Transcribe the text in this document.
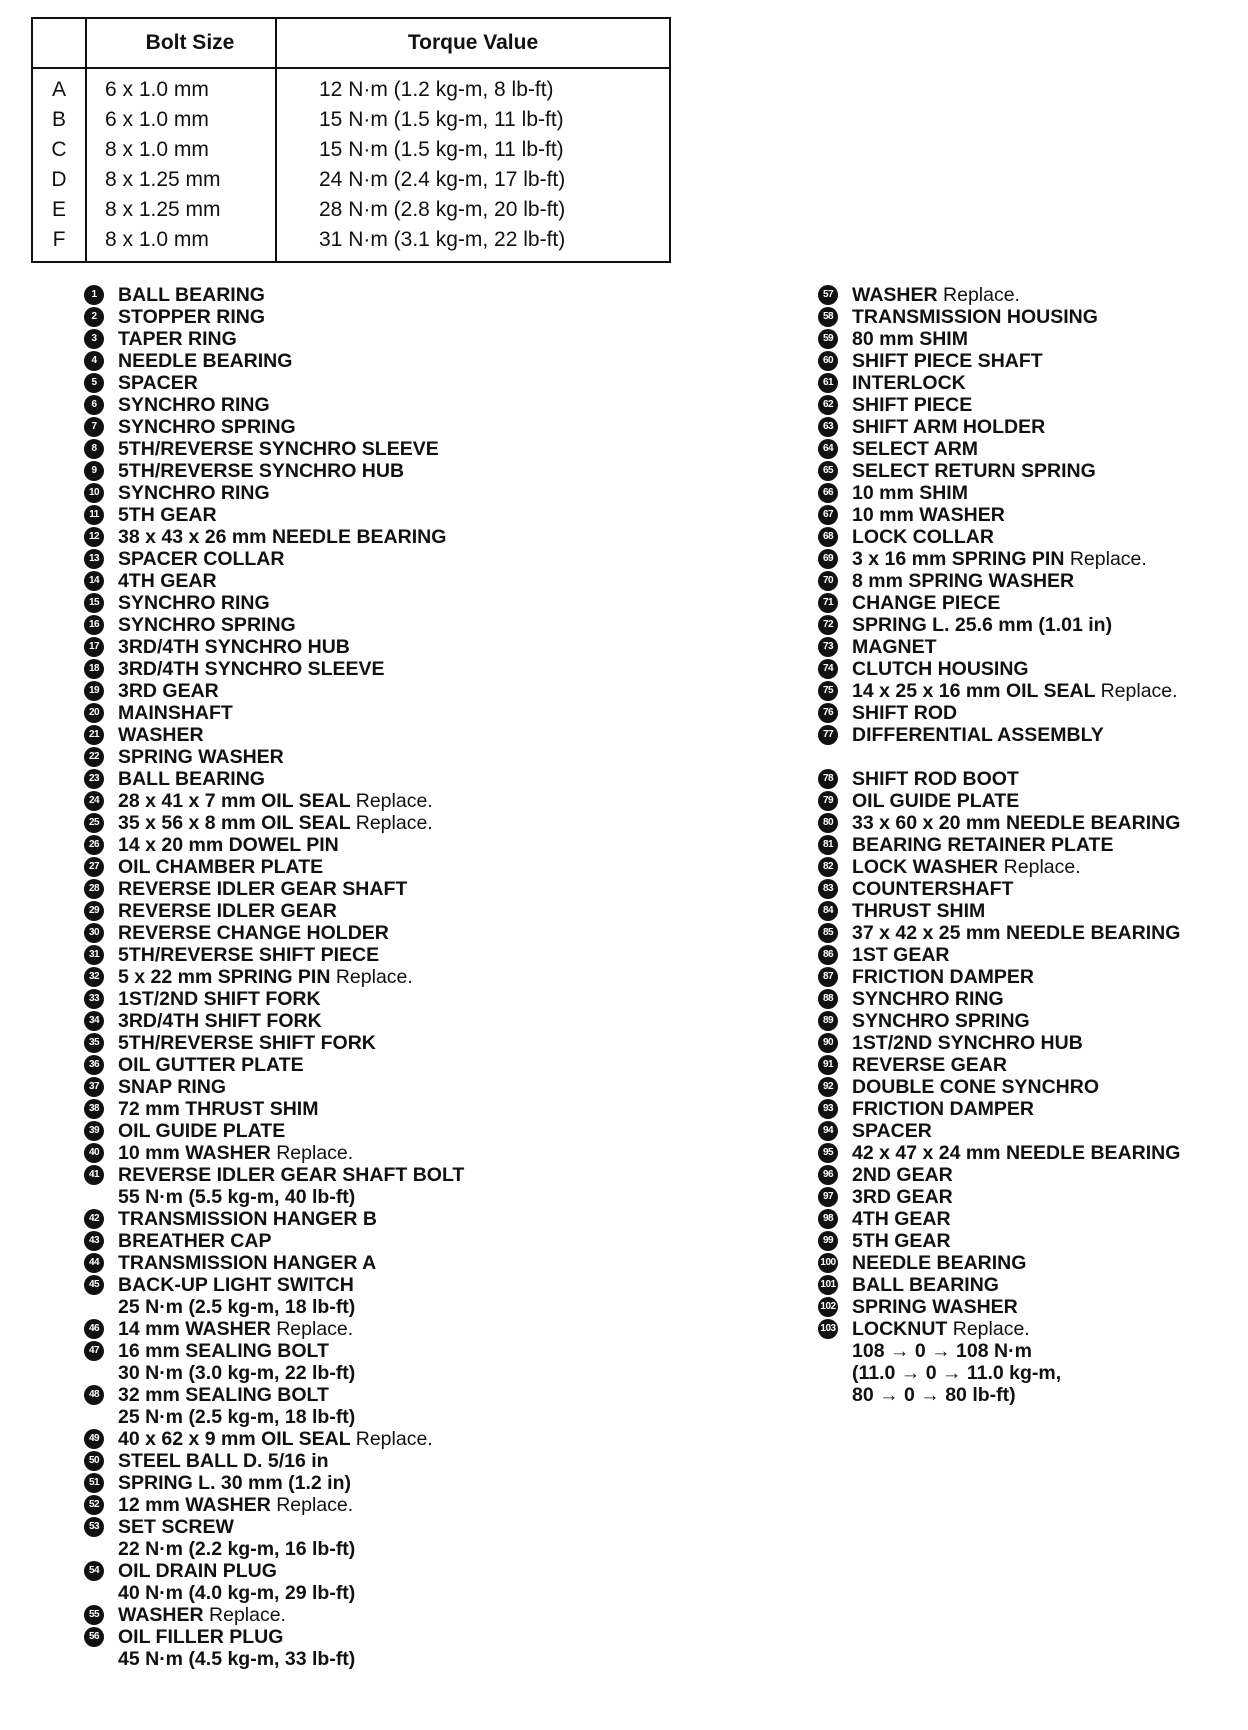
	Bolt Size	Torque Value
A	6 x 1.0 mm	12 N·m (1.2 kg-m, 8 lb-ft)
B	6 x 1.0 mm	15 N·m (1.5 kg-m, 11 lb-ft)
C	8 x 1.0 mm	15 N·m (1.5 kg-m, 11 lb-ft)
D	8 x 1.25 mm	24 N·m (2.4 kg-m, 17 lb-ft)
E	8 x 1.25 mm	28 N·m (2.8 kg-m, 20 lb-ft)
F	8 x 1.0 mm	31 N·m (3.1 kg-m, 22 lb-ft)
1	BALL BEARING
2	STOPPER RING
3	TAPER RING
4	NEEDLE BEARING
5	SPACER
6	SYNCHRO RING
7	SYNCHRO SPRING
8	5TH/REVERSE SYNCHRO SLEEVE
9	5TH/REVERSE SYNCHRO HUB
10 SYNCHRO RING
11 5TH GEAR
12 38 x 43 x 26 mm NEEDLE BEARING
13 SPACER COLLAR
14 4TH GEAR
15 SYNCHRO RING
16 SYNCHRO SPRING
17 3RD/4TH SYNCHRO HUB
18 3RD/4TH SYNCHRO SLEEVE
19 3RD GEAR
20 MAINSHAFT
21 WASHER
22 SPRING WASHER
23 BALL BEARING
24 28 x 41 x 7 mm OIL SEAL Replace.
25 35 x 56 x 8 mm OIL SEAL Replace.
26 14 x 20 mm DOWEL PIN
27 OIL CHAMBER PLATE
28 REVERSE IDLER GEAR SHAFT
29 REVERSE IDLER GEAR
30 REVERSE CHANGE HOLDER
31 5TH/REVERSE SHIFT PIECE
32 5 x 22 mm SPRING PIN Replace.
33 1ST/2ND SHIFT FORK
34 3RD/4TH SHIFT FORK
35 5TH/REVERSE SHIFT FORK
36 OIL GUTTER PLATE
37 SNAP RING
38 72 mm THRUST SHIM
39 OIL GUIDE PLATE
40 10 mm WASHER Replace.
41 REVERSE IDLER GEAR SHAFT BOLT
55 N·m (5.5 kg-m, 40 lb-ft)
42 TRANSMISSION HANGER B
43 BREATHER CAP
44 TRANSMISSION HANGER A
45 BACK-UP LIGHT SWITCH
25 N·m (2.5 kg-m, 18 lb-ft)
46 14 mm WASHER Replace.
47 16 mm SEALING BOLT
30 N·m (3.0 kg-m, 22 lb-ft)
48 32 mm SEALING BOLT
25 N·m (2.5 kg-m, 18 lb-ft)
49 40 x 62 x 9 mm OIL SEAL Replace.
50 STEEL BALL D. 5/16 in
51 SPRING L. 30 mm (1.2 in)
52 12 mm WASHER Replace.
53 SET SCREW
22 N·m (2.2 kg-m, 16 lb-ft)
54 OIL DRAIN PLUG
40 N·m (4.0 kg-m, 29 lb-ft)
55 WASHER Replace.
56 OIL FILLER PLUG
45 N·m (4.5 kg-m, 33 lb-ft)
57 WASHER Replace.
58 TRANSMISSION HOUSING
59 80 mm SHIM
60 SHIFT PIECE SHAFT
61 INTERLOCK
62 SHIFT PIECE
63 SHIFT ARM HOLDER
64 SELECT ARM
65 SELECT RETURN SPRING
66 10 mm SHIM
67 10 mm WASHER
68 LOCK COLLAR
69 3 x 16 mm SPRING PIN Replace.
70 8 mm SPRING WASHER
71 CHANGE PIECE
72 SPRING L. 25.6 mm (1.01 in)
73 MAGNET
74 CLUTCH HOUSING
75 14 x 25 x 16 mm OIL SEAL Replace.
76 SHIFT ROD
77 DIFFERENTIAL ASSEMBLY
78 SHIFT ROD BOOT
79 OIL GUIDE PLATE
80 33 x 60 x 20 mm NEEDLE BEARING
81 BEARING RETAINER PLATE
82 LOCK WASHER Replace.
83 COUNTERSHAFT
84 THRUST SHIM
85 37 x 42 x 25 mm NEEDLE BEARING
86 1ST GEAR
87 FRICTION DAMPER
88 SYNCHRO RING
89 SYNCHRO SPRING
90 1ST/2ND SYNCHRO HUB
91 REVERSE GEAR
92 DOUBLE CONE SYNCHRO
93 FRICTION DAMPER
94 SPACER
95 42 x 47 x 24 mm NEEDLE BEARING
96 2ND GEAR
97 3RD GEAR
98 4TH GEAR
99 5TH GEAR
100 NEEDLE BEARING
101 BALL BEARING
102 SPRING WASHER
103 LOCKNUT Replace.
108 → 0 → 108 N·m
(11.0 → 0 → 11.0 kg-m,
80 → 0 → 80 lb-ft)
